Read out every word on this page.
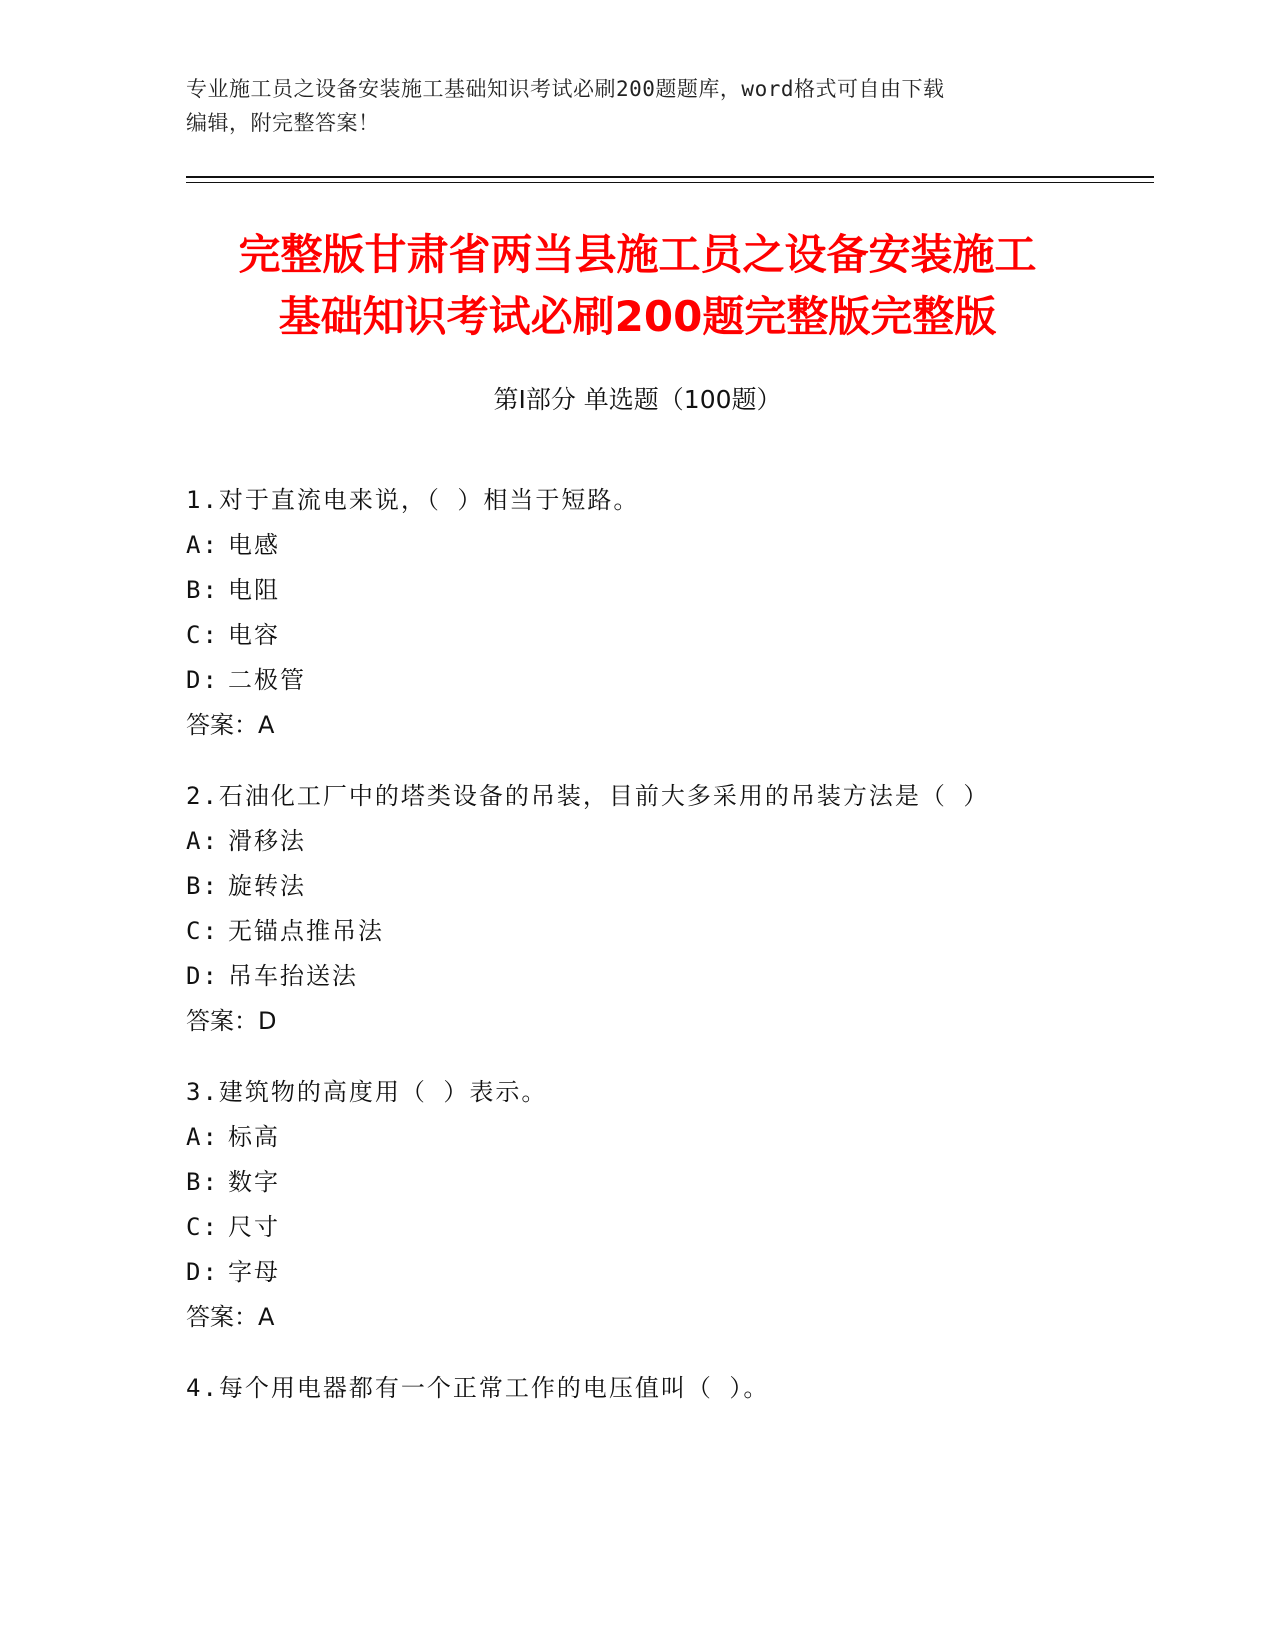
专业施工员之设备安装施工基础知识考试必刷200题题库，word格式可自由下载
编辑，附完整答案！
完整版甘肃省两当县施工员之设备安装施工
基础知识考试必刷200题完整版完整版
第Ⅰ部分 单选题（100题）
1.对于直流电来说，（ ）相当于短路。
A: 电感
B: 电阻
C: 电容
D: 二极管
答案：A
2.石油化工厂中的塔类设备的吊装，目前大多采用的吊装方法是（ ）
A: 滑移法
B: 旋转法
C: 无锚点推吊法
D: 吊车抬送法
答案：D
3.建筑物的高度用（ ）表示。
A: 标高
B: 数字
C: 尺寸
D: 字母
答案：A
4.每个用电器都有一个正常工作的电压值叫（ ）。
